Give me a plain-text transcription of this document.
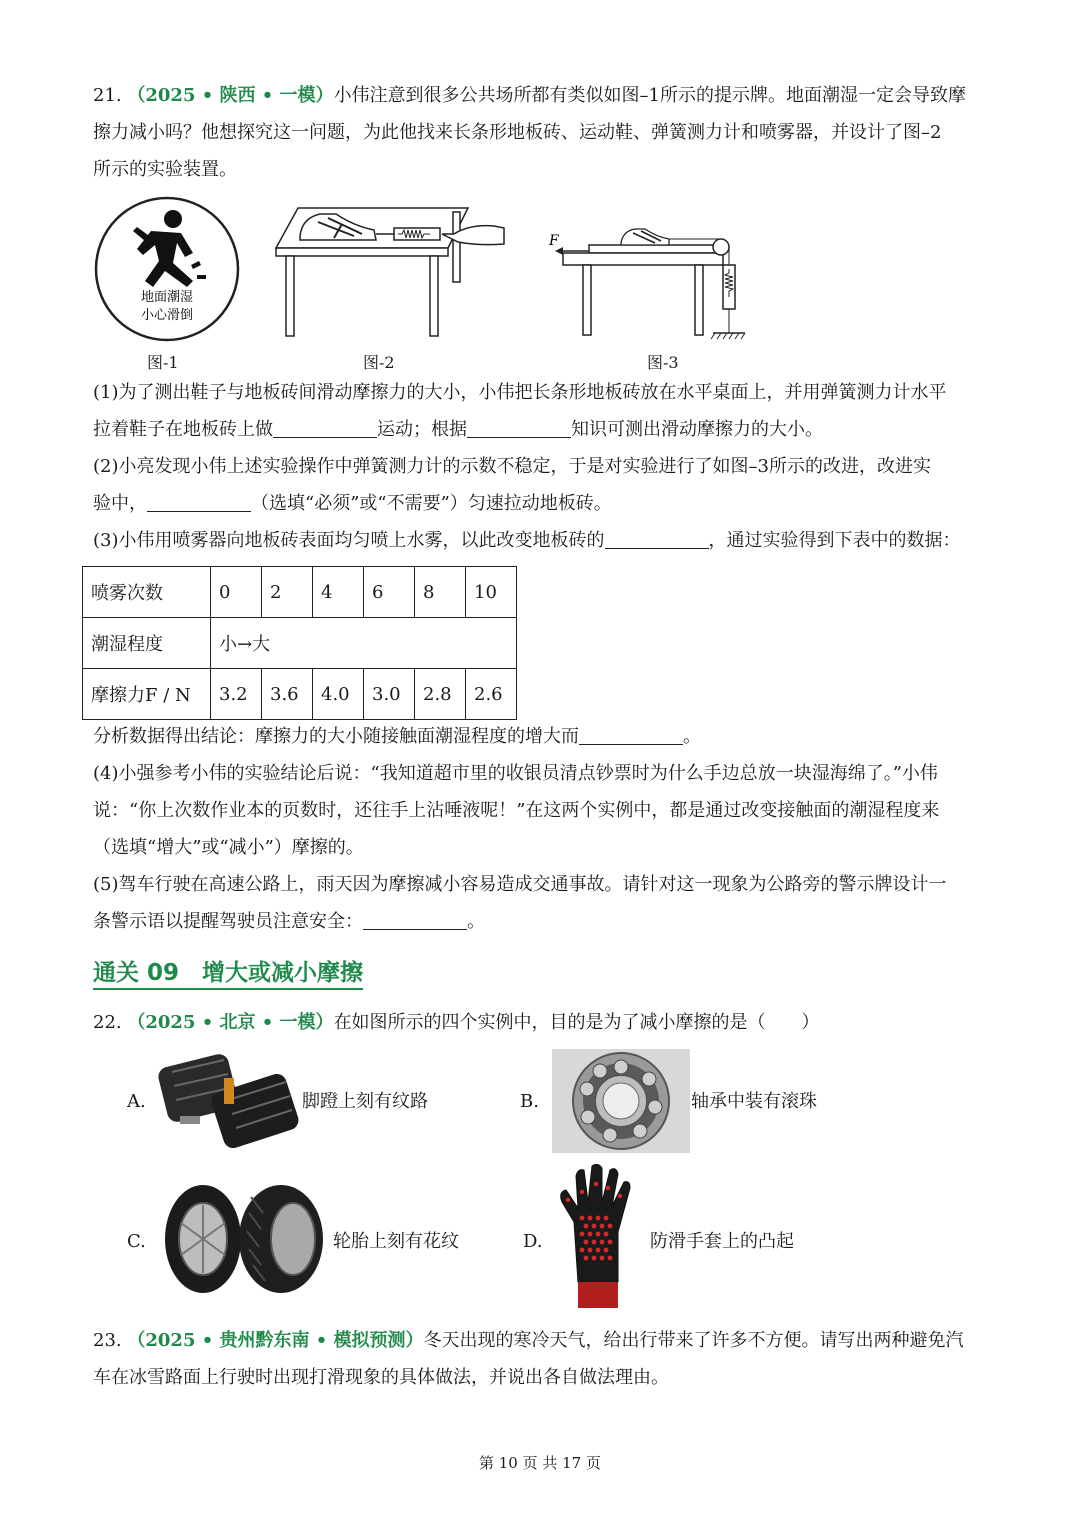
21. （2025 • 陕西 • 一模）小伟注意到很多公共场所都有类似如图–1所示的提示牌。地面潮湿一定会导致摩
擦力减小吗？他想探究这一问题，为此他找来长条形地板砖、运动鞋、弹簧测力计和喷雾器，并设计了图–2
所示的实验装置。
地面潮湿
小心滑倒
F
图-1	图-2	图-3
(1)为了测出鞋子与地板砖间滑动摩擦力的大小，小伟把长条形地板砖放在水平桌面上，并用弹簧测力计水平
拉着鞋子在地板砖上做	运动；根据	知识可测出滑动摩擦力的大小。
(2)小亮发现小伟上述实验操作中弹簧测力计的示数不稳定，于是对实验进行了如图–3所示的改进，改进实
验中，	（选填“必须”或“不需要”）匀速拉动地板砖。
(3)小伟用喷雾器向地板砖表面均匀喷上水雾，以此改变地板砖的	，通过实验得到下表中的数据：
喷雾次数	0	2	4	6	8	10
潮湿程度	小→大					
摩擦力F / N	3.2	3.6	4.0	3.0	2.8	2.6
分析数据得出结论：摩擦力的大小随接触面潮湿程度的增大而	。
(4)小强参考小伟的实验结论后说：“我知道超市里的收银员清点钞票时为什么手边总放一块湿海绵了。”小伟
说：“你上次数作业本的页数时，还往手上沾唾液呢！”在这两个实例中，都是通过改变接触面的潮湿程度来
（选填“增大”或“减小”）摩擦的。
(5)驾车行驶在高速公路上，雨天因为摩擦减小容易造成交通事故。请针对这一现象为公路旁的警示牌设计一
条警示语以提醒驾驶员注意安全：	。
通关 09　增大或减小摩擦
22. （2025 • 北京 • 一模）在如图所示的四个实例中，目的是为了减小摩擦的是（　　）
A.	脚蹬上刻有纹路	B.	轴承中装有滚珠
C.	轮胎上刻有花纹	D.	防滑手套上的凸起
23. （2025 • 贵州黔东南 • 模拟预测）冬天出现的寒冷天气，给出行带来了许多不方便。请写出两种避免汽
车在冰雪路面上行驶时出现打滑现象的具体做法，并说出各自做法理由。
第 10 页 共 17 页
